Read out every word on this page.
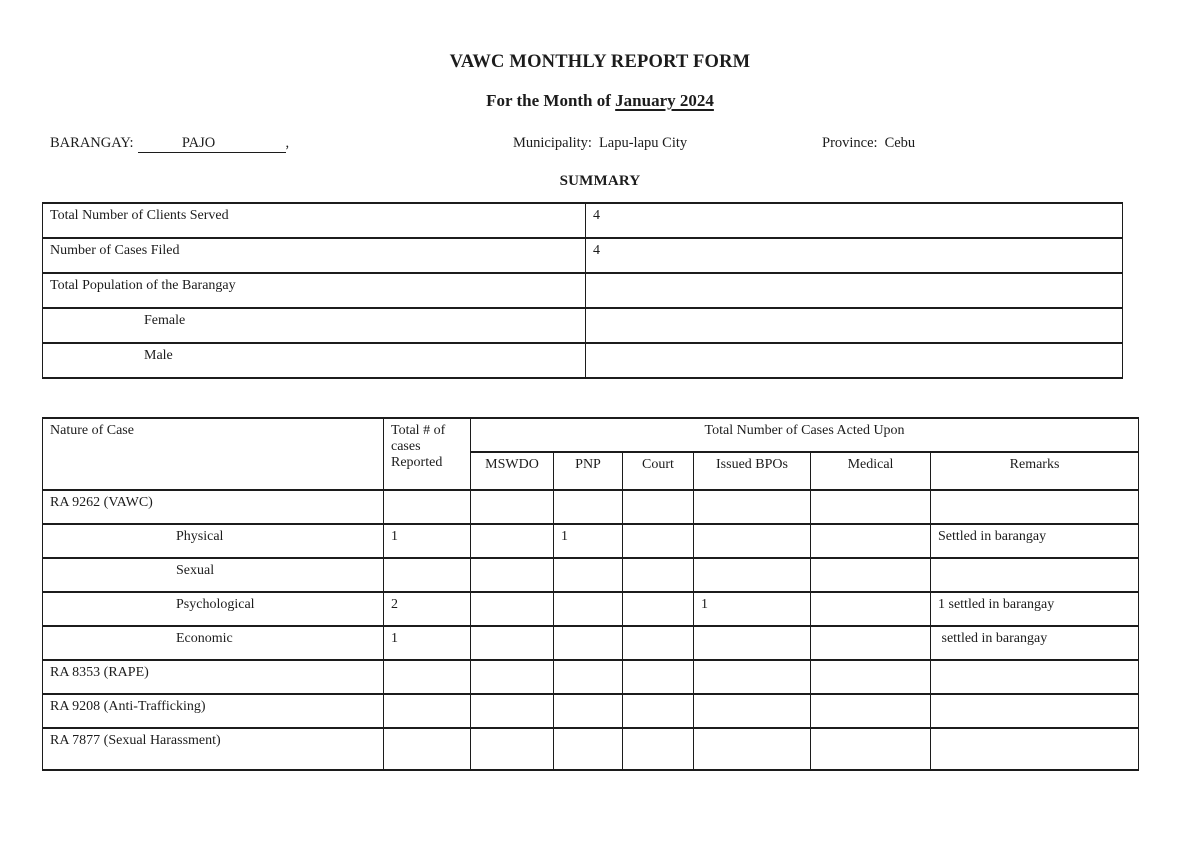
VAWC MONTHLY REPORT FORM
For the Month of January 2024
BARANGAY:	PAJO	,	Municipality: Lapu-lapu City	Province: Cebu
SUMMARY
Total Number of Clients Served	4
Number of Cases Filed	4
Total Population of the Barangay	
Female	
Male	
Nature of Case	Total # of cases Reported	Total Number of Cases Acted Upon					
		MSWDO	PNP	Court	Issued BPOs	Medical	Remarks
RA 9262 (VAWC)							
Physical	1		1				Settled in barangay
Sexual							
Psychological	2				1		1 settled in barangay
Economic	1						settled in barangay
RA 8353 (RAPE)							
RA 9208 (Anti-Trafficking)							
RA 7877 (Sexual Harassment)							
